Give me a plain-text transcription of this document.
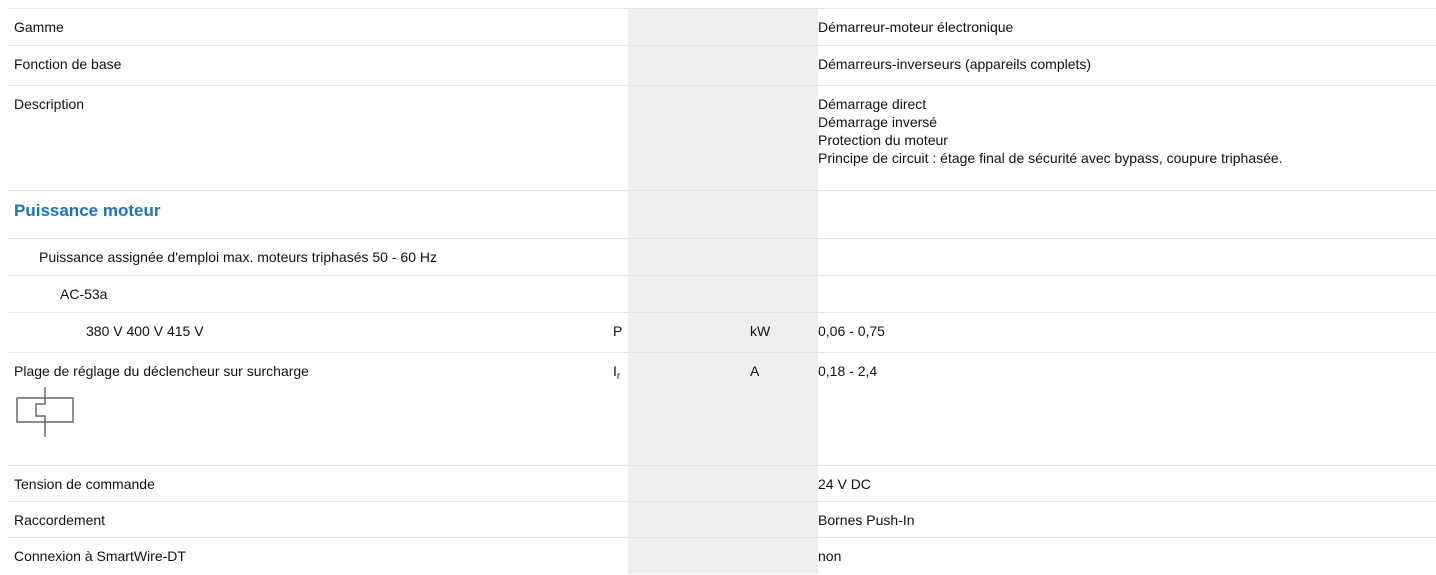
Gamme	Démarreur-moteur électronique
Fonction de base	Démarreurs-inverseurs (appareils complets)
Description	Démarrage direct
Démarrage inversé
Protection du moteur
Principe de circuit : étage final de sécurité avec bypass, coupure triphasée.
Puissance moteur
Puissance assignée d'emploi max. moteurs triphasés 50 - 60 Hz
AC-53a
380 V 400 V 415 V	P	kW	0,06 - 0,75
Plage de réglage du déclencheur sur surcharge	$I_r$	A	0,18 - 2,4
Tension de commande	24 V DC
Raccordement	Bornes Push-In
Connexion à SmartWire-DT	non
